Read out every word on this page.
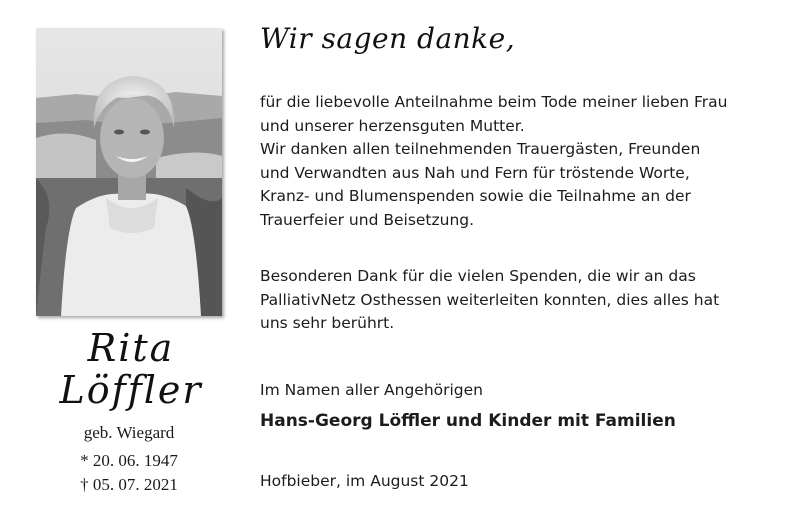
Rita
Löffler
geb. Wiegard
* 20. 06. 1947
† 05. 07. 2021
Wir sagen danke,
für die liebevolle Anteilnahme beim Tode meiner lieben Frau
und unserer herzensguten Mutter.
Wir danken allen teilnehmenden Trauergästen, Freunden
und Verwandten aus Nah und Fern für tröstende Worte,
Kranz- und Blumenspenden sowie die Teilnahme an der
Trauerfeier und Beisetzung.
Besonderen Dank für die vielen Spenden, die wir an das
PalliativNetz Osthessen weiterleiten konnten, dies alles hat
uns sehr berührt.
Im Namen aller Angehörigen
Hans-Georg Löffler und Kinder mit Familien
Hofbieber, im August 2021
